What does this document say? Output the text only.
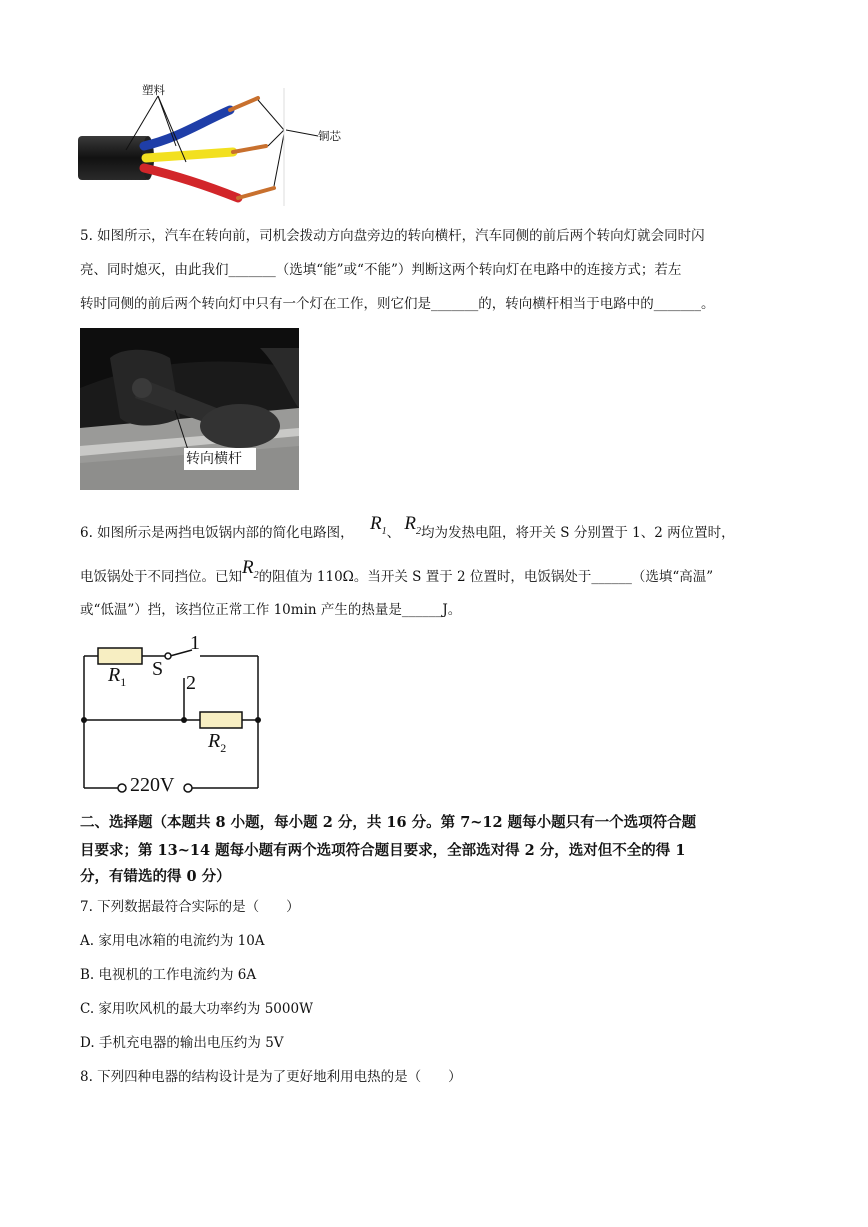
塑料
铜芯
5. 如图所示，汽车在转向前，司机会拨动方向盘旁边的转向横杆，汽车同侧的前后两个转向灯就会同时闪
亮、同时熄灭，由此我们_______（选填“能”或“不能”）判断这两个转向灯在电路中的连接方式；若左
转时同侧的前后两个转向灯中只有一个灯在工作，则它们是_______的，转向横杆相当于电路中的_______。
转向横杆
6. 如图所示是两挡电饭锅内部的简化电路图， $R_1$、 $R_2$均为发热电阻，将开关 S 分别置于 1、2 两位置时，
电饭锅处于不同挡位。已知$R_2$的阻值为 110Ω。当开关 S 置于 2 位置时，电饭锅处于______（选填“高温”
或“低温”）挡，该挡位正常工作 10min 产生的热量是______J。
$R_1$
S
1
2
$R_2$
220V
二、选择题（本题共 8 小题，每小题 2 分，共 16 分。第 7~12 题每小题只有一个选项符合题
目要求；第 13~14 题每小题有两个选项符合题目要求，全部选对得 2 分，选对但不全的得 1
分，有错选的得 0 分）
7. 下列数据最符合实际的是（　　）
A. 家用电冰箱的电流约为 10A
B. 电视机的工作电流约为 6A
C. 家用吹风机的最大功率约为 5000W
D. 手机充电器的输出电压约为 5V
8. 下列四种电器的结构设计是为了更好地利用电热的是（　　）
